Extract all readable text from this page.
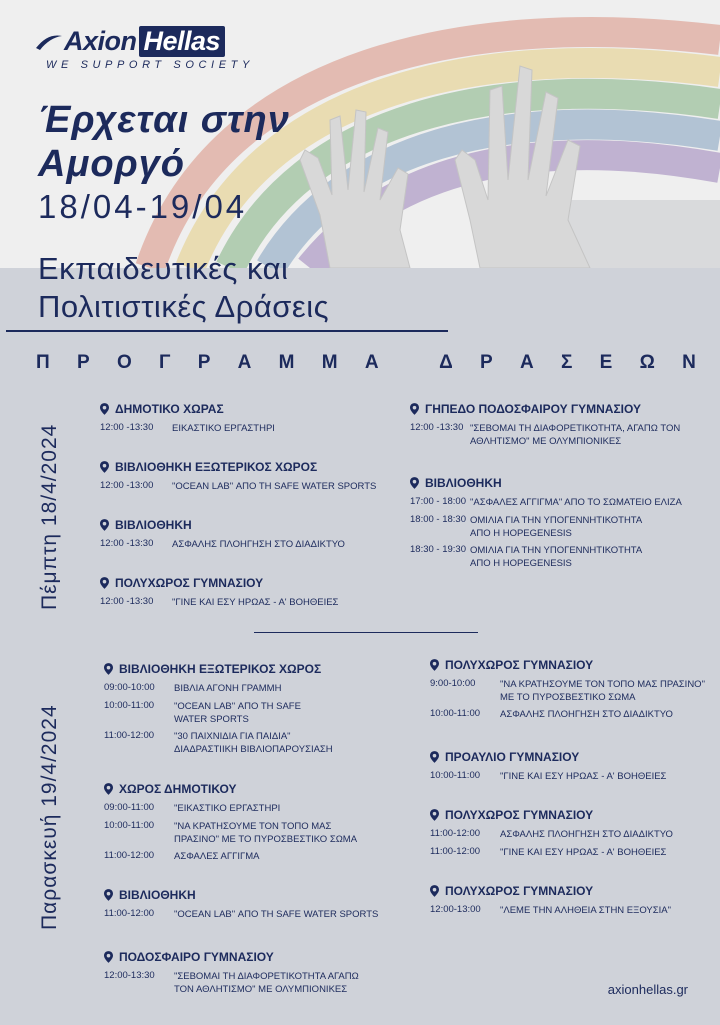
Axion Hellas
WE SUPPORT SOCIETY
Έρχεται στην
Αμοργό
18/04-19/04
Εκπαιδευτικές και
Πολιτιστικές Δράσεις
Π Ρ Ο Γ Ρ Α Μ Μ Α	Δ Ρ Α Σ Ε Ω Ν
Πέμπτη 18/4/2024
Παρασκευή 19/4/2024
ΔΗΜΟΤΙΚΟ ΧΩΡΑΣ
12:00 -13:30 ΕΙΚΑΣΤΙΚΟ ΕΡΓΑΣΤΗΡΙ
ΒΙΒΛΙΟΘΗΚΗ ΕΞΩΤΕΡΙΚΟΣ ΧΩΡΟΣ
12:00 -13:00 "OCEAN LAB" ΑΠΟ ΤΗ SAFE WATER SPORTS
ΒΙΒΛΙΟΘΗΚΗ
12:00 -13:30 ΑΣΦΑΛΗΣ ΠΛΟΗΓΗΣΗ ΣΤΟ ΔΙΑΔΙΚΤΥΟ
ΠΟΛΥΧΩΡΟΣ ΓΥΜΝΑΣΙΟΥ
12:00 -13:30 "ΓΙΝΕ ΚΑΙ ΕΣΥ ΗΡΩΑΣ - Α' ΒΟΗΘΕΙΕΣ
ΓΗΠΕΔΟ ΠΟΔΟΣΦΑΙΡΟΥ ΓΥΜΝΑΣΙΟΥ
12:00 -13:30 "ΣΕΒΟΜΑΙ ΤΗ ΔΙΑΦΟΡΕΤΙΚΟΤΗΤΑ, ΑΓΑΠΩ ΤΟΝ
ΑΘΛΗΤΙΣΜΟ" ΜΕ ΟΛΥΜΠΙΟΝΙΚΕΣ
ΒΙΒΛΙΟΘΗΚΗ
17:00 - 18:00 "ΑΣΦΑΛΕΣ ΑΓΓΙΓΜΑ" ΑΠΟ ΤΟ ΣΩΜΑΤΕΙΟ ΕΛΙΖΑ
18:00 - 18:30 ΟΜΙΛΙΑ ΓΙΑ ΤΗΝ ΥΠΟΓΕΝΝΗΤΙΚΟΤΗΤΑ
ΑΠΟ Η HOPEGENESIS
18:30 - 19:30 ΟΜΙΛΙΑ ΓΙΑ ΤΗΝ ΥΠΟΓΕΝΝΗΤΙΚΟΤΗΤΑ
ΑΠΟ Η HOPEGENESIS
ΒΙΒΛΙΟΘΗΚΗ ΕΞΩΤΕΡΙΚΟΣ ΧΩΡΟΣ
09:00-10:00 ΒΙΒΛΙΑ ΑΓΟΝΗ ΓΡΑΜΜΗ
10:00-11:00 "OCEAN LAB" ΑΠΟ ΤΗ SAFE
WATER SPORTS
11:00-12:00 "30 ΠΑΙΧΝΙΔΙΑ ΓΙΑ ΠΑΙΔΙΑ"
ΔΙΑΔΡΑΣΤΙΙΚΗ ΒΙΒΛΙΟΠΑΡΟΥΣΙΑΣΗ
ΧΩΡΟΣ ΔΗΜΟΤΙΚΟΥ
09:00-11:00 "ΕΙΚΑΣΤΙΚΟ ΕΡΓΑΣΤΗΡΙ
10:00-11:00 "ΝΑ ΚΡΑΤΗΣΟΥΜΕ ΤΟΝ ΤΟΠΟ ΜΑΣ
ΠΡΑΣΙΝΟ" ΜΕ ΤΟ ΠΥΡΟΣΒΕΣΤΙΚΟ ΣΩΜΑ
11:00-12:00 ΑΣΦΑΛΕΣ ΑΓΓΙΓΜΑ
ΒΙΒΛΙΟΘΗΚΗ
11:00-12:00 "OCEAN LAB" ΑΠΟ ΤΗ SAFE WATER SPORTS
ΠΟΔΟΣΦΑΙΡΟ ΓΥΜΝΑΣΙΟΥ
12:00-13:30 "ΣΕΒΟΜΑΙ ΤΗ ΔΙΑΦΟΡΕΤΙΚΟΤΗΤΑ ΑΓΑΠΩ
ΤΟΝ ΑΘΛΗΤΙΣΜΟ" ΜΕ ΟΛΥΜΠΙΟΝΙΚΕΣ
ΠΟΛΥΧΩΡΟΣ ΓΥΜΝΑΣΙΟΥ
9:00-10:00	"ΝΑ ΚΡΑΤΗΣΟΥΜΕ ΤΟΝ ΤΟΠΟ ΜΑΣ ΠΡΑΣΙΝΟ"
ΜΕ ΤΟ ΠΥΡΟΣΒΕΣΤΙΚΟ ΣΩΜΑ
10:00-11:00 ΑΣΦΑΛΗΣ ΠΛΟΗΓΗΣΗ ΣΤΟ ΔΙΑΔΙΚΤΥΟ
ΠΡΟΑΥΛΙΟ ΓΥΜΝΑΣΙΟΥ
10:00-11:00 "ΓΙΝΕ ΚΑΙ ΕΣΥ ΗΡΩΑΣ - Α' ΒΟΗΘΕΙΕΣ
ΠΟΛΥΧΩΡΟΣ ΓΥΜΝΑΣΙΟΥ
11:00-12:00 ΑΣΦΑΛΗΣ ΠΛΟΗΓΗΣΗ ΣΤΟ ΔΙΑΔΙΚΤΥΟ
11:00-12:00 "ΓΙΝΕ ΚΑΙ ΕΣΥ ΗΡΩΑΣ - Α' ΒΟΗΘΕΙΕΣ
ΠΟΛΥΧΩΡΟΣ ΓΥΜΝΑΣΙΟΥ
12:00-13:00 "ΛΕΜΕ ΤΗΝ ΑΛΗΘΕΙΑ ΣΤΗΝ ΕΞΟΥΣΙΑ"
axionhellas.gr
